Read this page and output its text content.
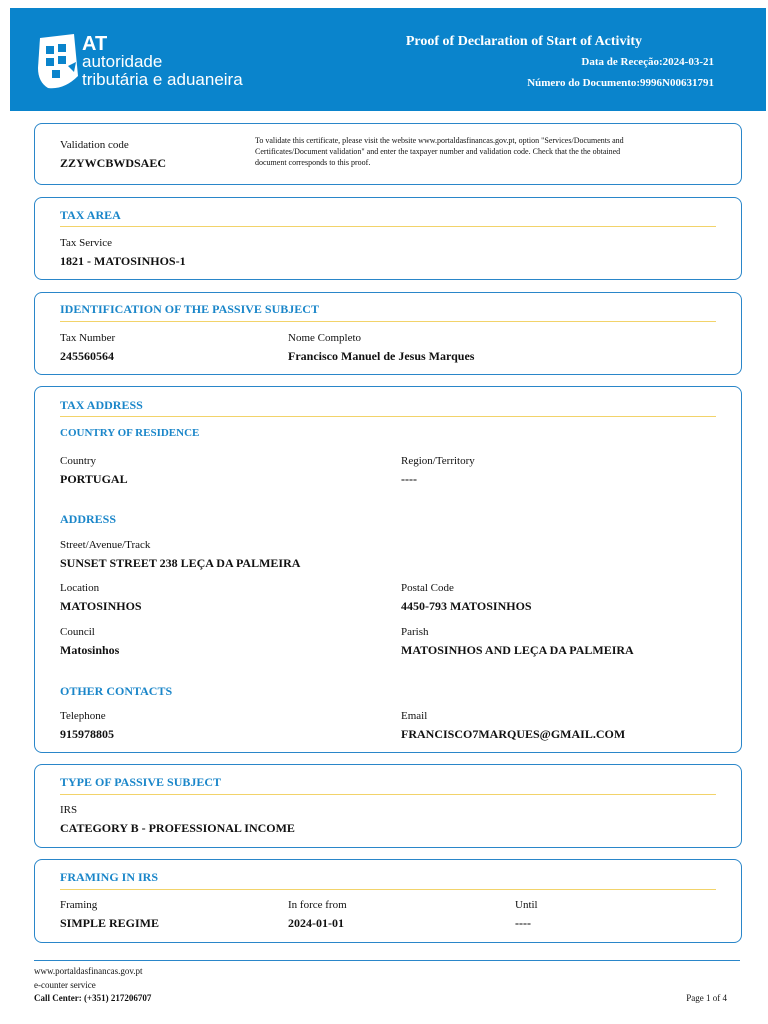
AT
autoridade
tributária e aduaneira
Proof of Declaration of Start of Activity
Data de Receção:2024-03-21
Número do Documento:9996N00631791
Validation code
ZZYWCBWDSAEC
To validate this certificate, please visit the website www.portaldasfinancas.gov.pt, option "Services/Documents and Certificates/Document validation" and enter the taxpayer number and validation code. Check that the the obtained document corresponds to this proof.
TAX AREA
Tax Service
1821 - MATOSINHOS-1
IDENTIFICATION OF THE PASSIVE SUBJECT
Tax Number
245560564
Nome Completo
Francisco Manuel de Jesus Marques
TAX ADDRESS
COUNTRY OF RESIDENCE
Country
PORTUGAL
Region/Territory
----
ADDRESS
Street/Avenue/Track
SUNSET STREET 238 LEÇA DA PALMEIRA
Location
MATOSINHOS
Postal Code
4450-793 MATOSINHOS
Council
Matosinhos
Parish
MATOSINHOS AND LEÇA DA PALMEIRA
OTHER CONTACTS
Telephone
915978805
Email
FRANCISCO7MARQUES@GMAIL.COM
TYPE OF PASSIVE SUBJECT
IRS
CATEGORY B - PROFESSIONAL INCOME
FRAMING IN IRS
Framing
SIMPLE REGIME
In force from
2024-01-01
Until
----
www.portaldasfinancas.gov.pt
e-counter service
Call Center: (+351) 217206707	Page 1 of 4
